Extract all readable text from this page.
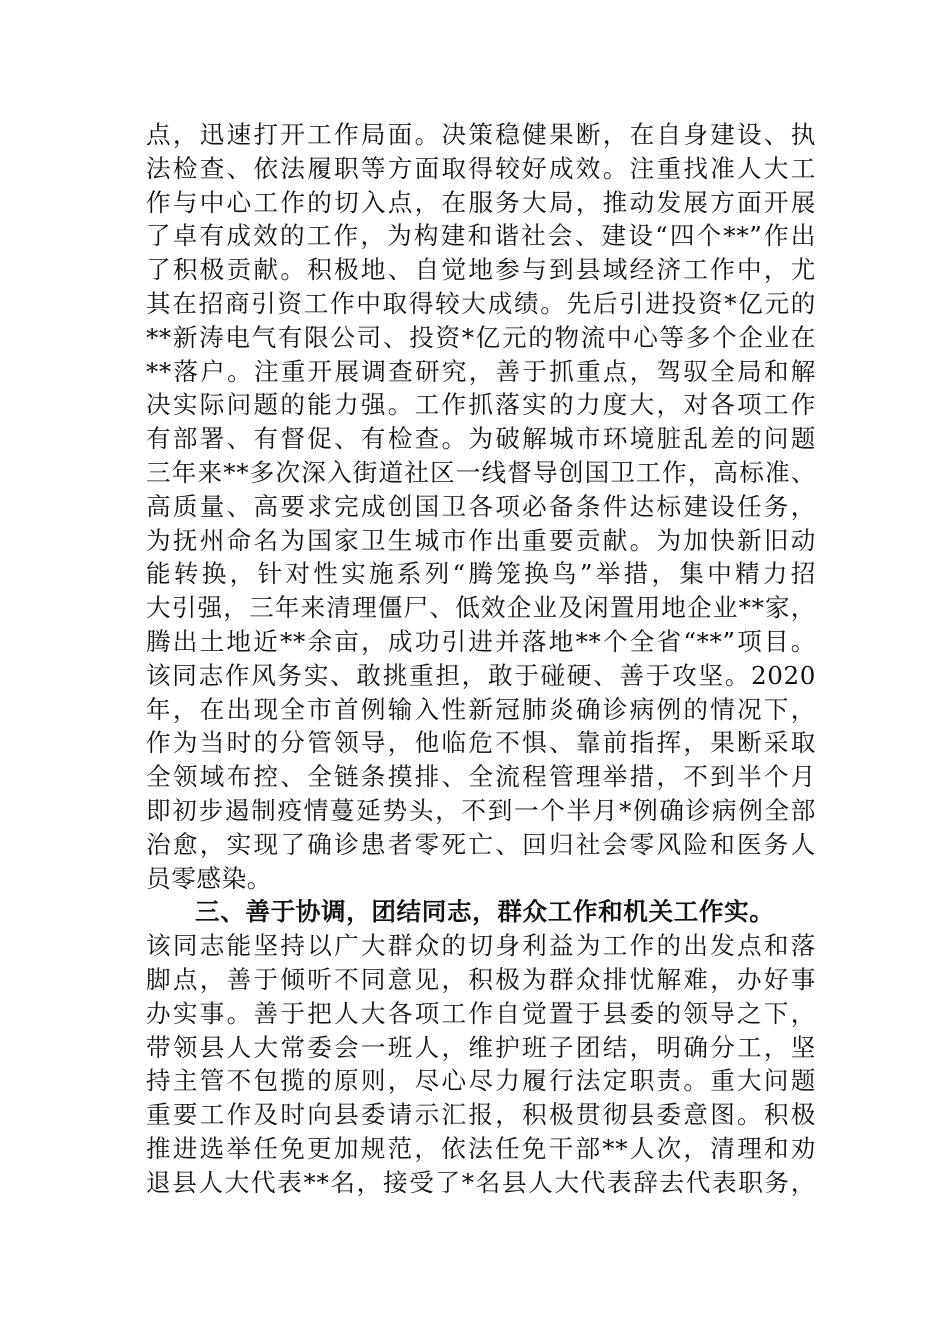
点，迅速打开工作局面。决策稳健果断，在自身建设、执
法检查、依法履职等方面取得较好成效。注重找准人大工
作与中心工作的切入点，在服务大局，推动发展方面开展
了卓有成效的工作，为构建和谐社会、建设“四个**”作出
了积极贡献。积极地、自觉地参与到县域经济工作中，尤
其在招商引资工作中取得较大成绩。先后引进投资*亿元的
**新涛电气有限公司、投资*亿元的物流中心等多个企业在
**落户。注重开展调查研究，善于抓重点，驾驭全局和解
决实际问题的能力强。工作抓落实的力度大，对各项工作
有部署、有督促、有检查。为破解城市环境脏乱差的问题
三年来**多次深入街道社区一线督导创国卫工作，高标准、
高质量、高要求完成创国卫各项必备条件达标建设任务，
为抚州命名为国家卫生城市作出重要贡献。为加快新旧动
能转换，针对性实施系列“腾笼换鸟”举措，集中精力招
大引强，三年来清理僵尸、低效企业及闲置用地企业**家，
腾出土地近**余亩，成功引进并落地**个全省“**”项目。
该同志作风务实、敢挑重担，敢于碰硬、善于攻坚。2020
年，在出现全市首例输入性新冠肺炎确诊病例的情况下，
作为当时的分管领导，他临危不惧、靠前指挥，果断采取
全领域布控、全链条摸排、全流程管理举措，不到半个月
即初步遏制疫情蔓延势头，不到一个半月*例确诊病例全部
治愈，实现了确诊患者零死亡、回归社会零风险和医务人
员零感染。
三、善于协调，团结同志，群众工作和机关工作实。
该同志能坚持以广大群众的切身利益为工作的出发点和落
脚点，善于倾听不同意见，积极为群众排忧解难，办好事
办实事。善于把人大各项工作自觉置于县委的领导之下，
带领县人大常委会一班人，维护班子团结，明确分工，坚
持主管不包揽的原则，尽心尽力履行法定职责。重大问题
重要工作及时向县委请示汇报，积极贯彻县委意图。积极
推进选举任免更加规范，依法任免干部**人次，清理和劝
退县人大代表**名，接受了*名县人大代表辞去代表职务，
